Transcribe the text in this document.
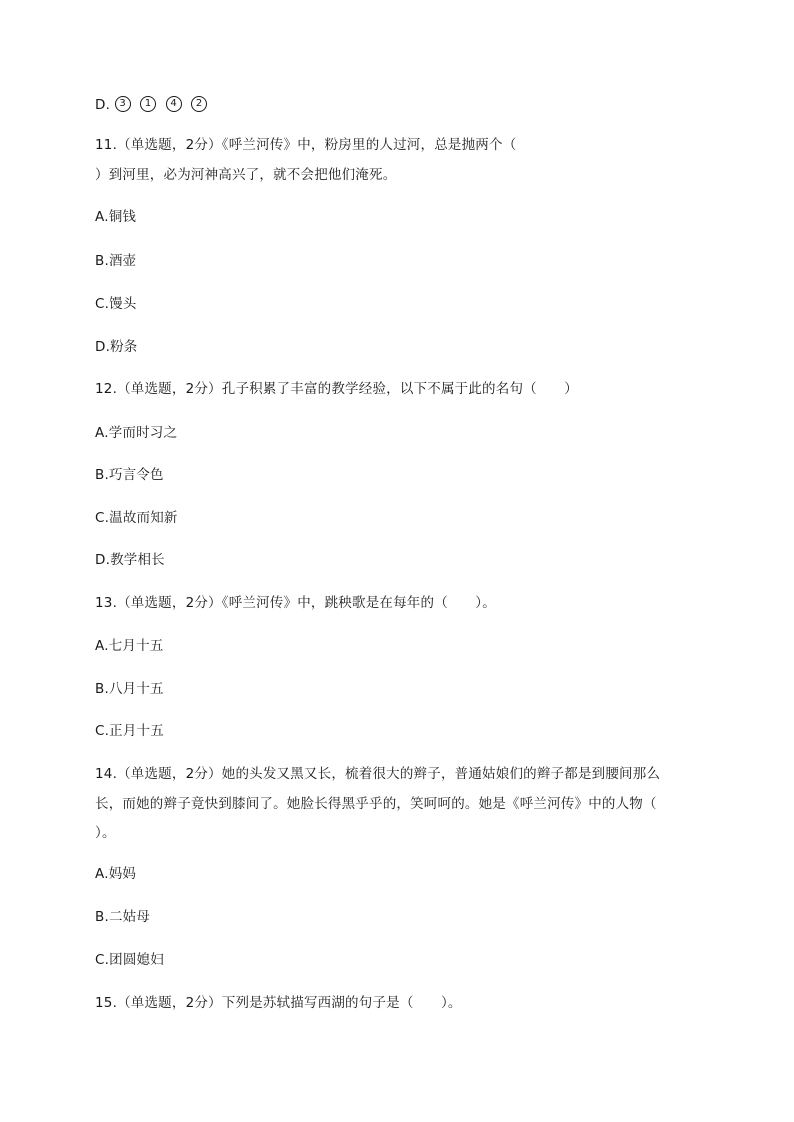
D. 3 1 4 2
11.（单选题，2分）《呼兰河传》中，粉房里的人过河，总是抛两个（
）到河里，必为河神高兴了，就不会把他们淹死。
A.铜钱
B.酒壶
C.馒头
D.粉条
12.（单选题，2分）孔子积累了丰富的教学经验，以下不属于此的名句（　　）
A.学而时习之
B.巧言令色
C.温故而知新
D.教学相长
13.（单选题，2分）《呼兰河传》中，跳秧歌是在每年的（　　）。
A.七月十五
B.八月十五
C.正月十五
14.（单选题，2分）她的头发又黑又长，梳着很大的辫子，普通姑娘们的辫子都是到腰间那么
长，而她的辫子竟快到膝间了。她脸长得黑乎乎的，笑呵呵的。她是《呼兰河传》中的人物（
）。
A.妈妈
B.二姑母
C.团圆媳妇
15.（单选题，2分）下列是苏轼描写西湖的句子是（　　）。
